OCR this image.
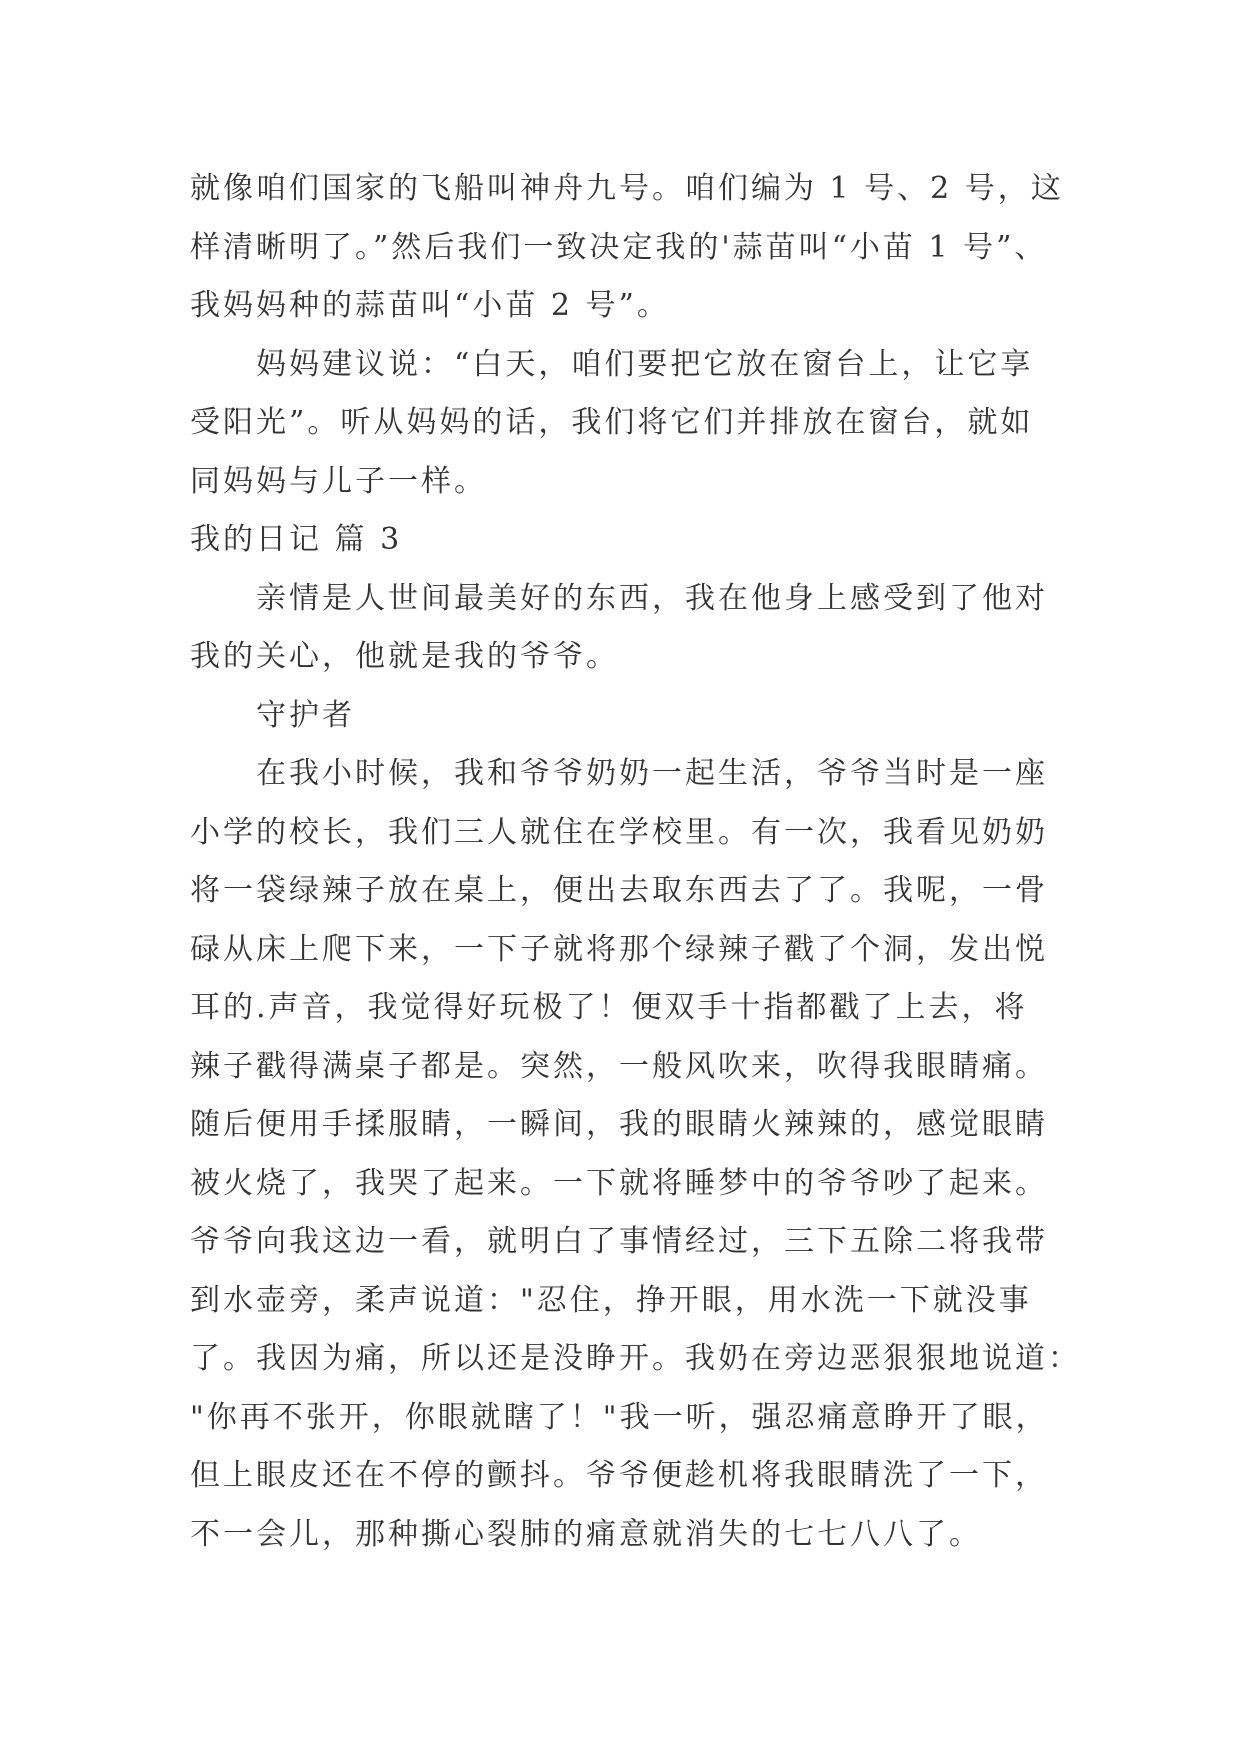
就像咱们国家的飞船叫神舟九号。咱们编为 1 号、2 号，这
样清晰明了。”然后我们一致决定我的'蒜苗叫“小苗 1 号”、
我妈妈种的蒜苗叫“小苗 2 号”。
妈妈建议说：“白天，咱们要把它放在窗台上，让它享
受阳光”。听从妈妈的话，我们将它们并排放在窗台，就如
同妈妈与儿子一样。
我的日记 篇 3
亲情是人世间最美好的东西，我在他身上感受到了他对
我的关心，他就是我的爷爷。
守护者
在我小时候，我和爷爷奶奶一起生活，爷爷当时是一座
小学的校长，我们三人就住在学校里。有一次，我看见奶奶
将一袋绿辣子放在桌上，便出去取东西去了了。我呢，一骨
碌从床上爬下来，一下子就将那个绿辣子戳了个洞，发出悦
耳的.声音，我觉得好玩极了！便双手十指都戳了上去，将
辣子戳得满桌子都是。突然，一般风吹来，吹得我眼睛痛。
随后便用手揉服睛，一瞬间，我的眼睛火辣辣的，感觉眼睛
被火烧了，我哭了起来。一下就将睡梦中的爷爷吵了起来。
爷爷向我这边一看，就明白了事情经过，三下五除二将我带
到水壶旁，柔声说道："忍住，挣开眼，用水洗一下就没事
了。我因为痛，所以还是没睁开。我奶在旁边恶狠狠地说道：
"你再不张开，你眼就瞎了！"我一听，强忍痛意睁开了眼，
但上眼皮还在不停的颤抖。爷爷便趁机将我眼睛洗了一下，
不一会儿，那种撕心裂肺的痛意就消失的七七八八了。
